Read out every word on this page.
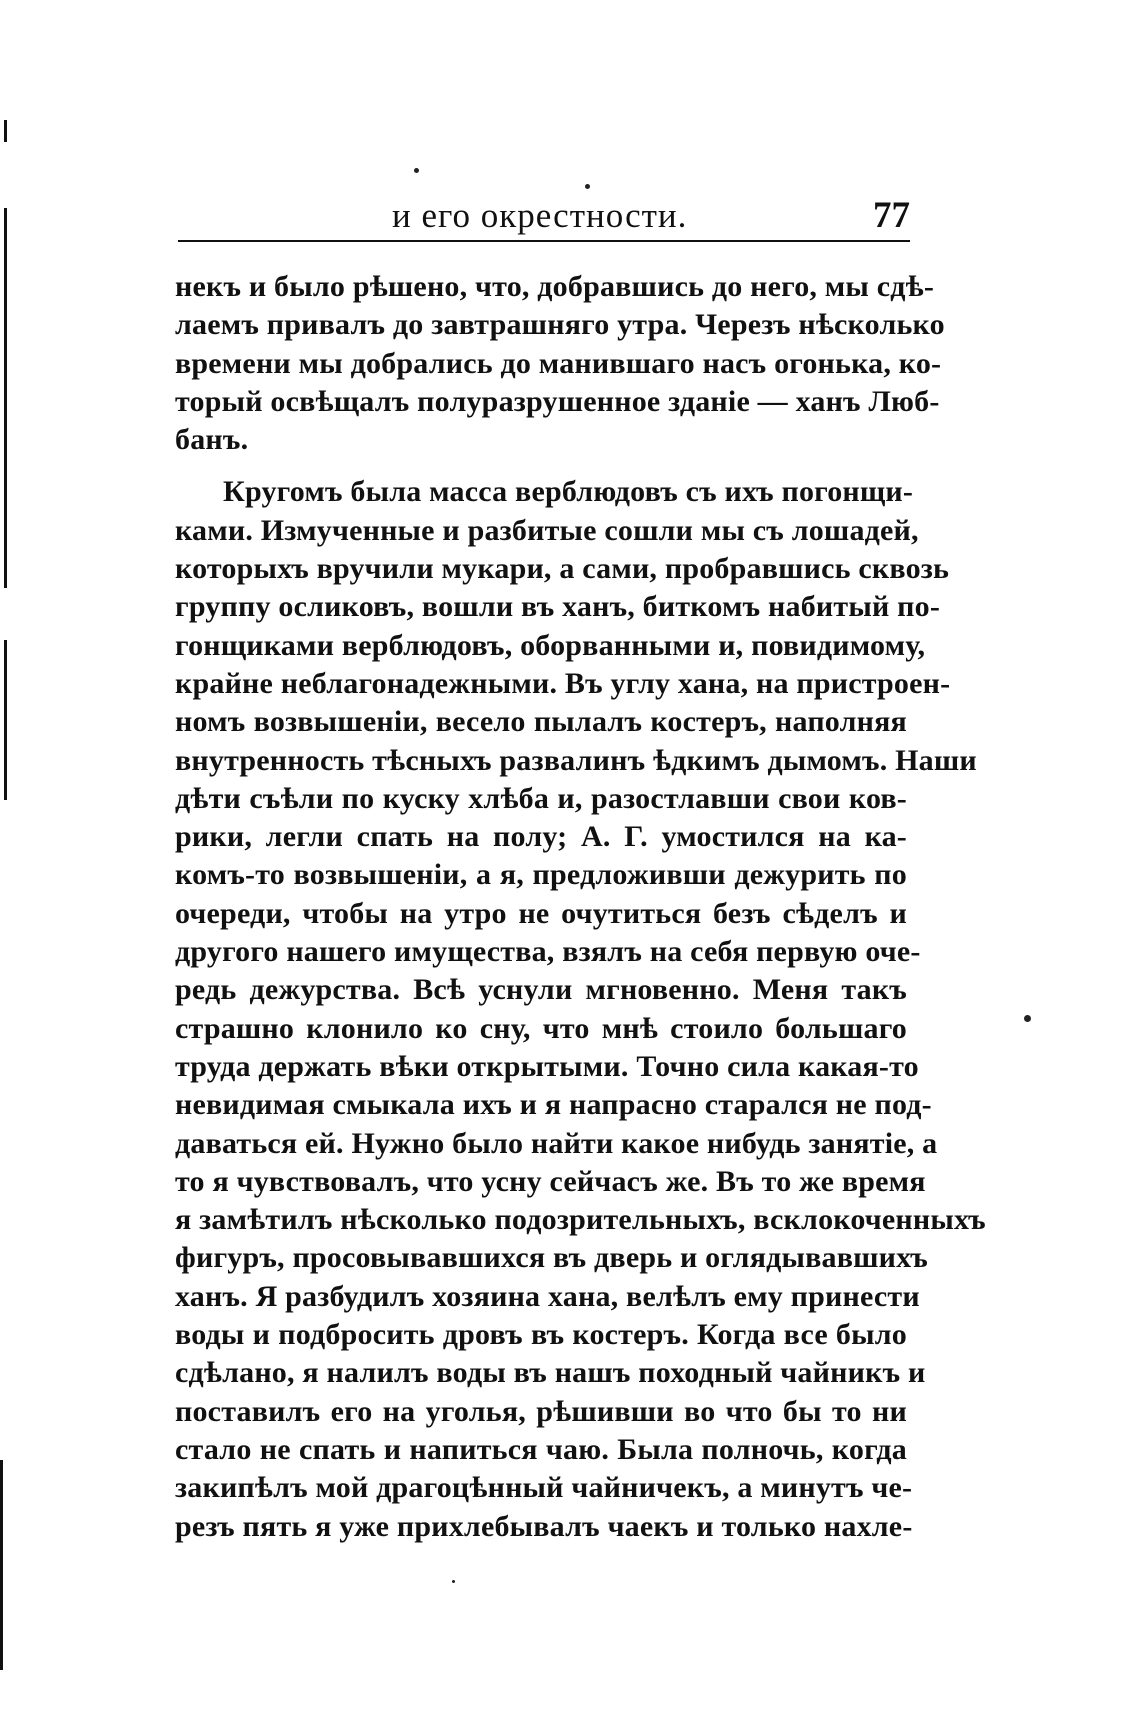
и его окрестности.	77
некъ и было рѣшено, что, добравшись до него, мы сдѣ-
лаемъ привалъ до завтрашняго утра. Черезъ нѣсколько
времени мы добрались до манившаго насъ огонька, ко-
торый освѣщалъ полуразрушенное зданіе — ханъ Люб-
банъ.
Кругомъ была масса верблюдовъ съ ихъ погонщи-
ками. Измученные и разбитые сошли мы съ лошадей,
которыхъ вручили мукари, а сами, пробравшись сквозь
группу осликовъ, вошли въ ханъ, биткомъ набитый по-
гонщиками верблюдовъ, оборванными и, повидимому,
крайне неблагонадежными. Въ углу хана, на пристроен-
номъ возвышеніи, весело пылалъ костеръ, наполняя
внутренность тѣсныхъ развалинъ ѣдкимъ дымомъ. Наши
дѣти съѣли по куску хлѣба и, разостлавши свои ков-
рики, легли спать на полу; А. Г. умостился на ка-
комъ-то возвышеніи, а я, предложивши дежурить по
очереди, чтобы на утро не очутиться безъ сѣделъ и
другого нашего имущества, взялъ на себя первую оче-
редь дежурства. Всѣ уснули мгновенно. Меня такъ
страшно клонило ко сну, что мнѣ стоило большаго
труда держать вѣки открытыми. Точно сила какая-то
невидимая смыкала ихъ и я напрасно старался не под-
даваться ей. Нужно было найти какое нибудь занятіе, а
то я чувствовалъ, что усну сейчасъ же. Въ то же время
я замѣтилъ нѣсколько подозрительныхъ, всклокоченныхъ
фигуръ, просовывавшихся въ дверь и оглядывавшихъ
ханъ. Я разбудилъ хозяина хана, велѣлъ ему принести
воды и подбросить дровъ въ костеръ. Когда все было
сдѣлано, я налилъ воды въ нашъ походный чайникъ и
поставилъ его на уголья, рѣшивши во что бы то ни
стало не спать и напиться чаю. Была полночь, когда
закипѣлъ мой драгоцѣнный чайничекъ, а минутъ че-
резъ пять я уже прихлебывалъ чаекъ и только нахле-
